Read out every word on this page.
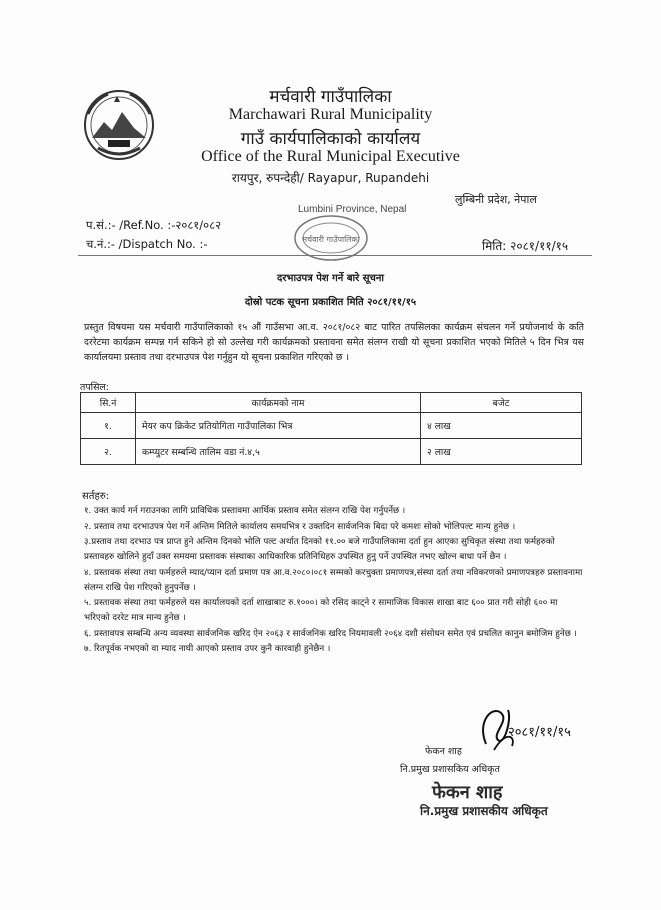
मर्चवारी गाउँपालिका
Marchawari Rural Municipality
गाउँ कार्यपालिकाको कार्यालय
Office of the Rural Municipal Executive
रायपुर, रुपन्देही/ Rayapur, Rupandehi
लुम्बिनी प्रदेश, नेपाल
Lumbini Province, Nepal
मर्चवारी गाउँपालिका
प.सं.:- /Ref.No. :-२०८१/०८२
च.नं.:- /Dispatch No. :-	मिति: २०८१/११/१५
दरभाउपत्र पेश गर्ने बारे सूचना
दोस्रो पटक सूचना प्रकाशित मिति २०८१/११/१५
प्रस्तुत विषयमा यस मर्चवारी गाउँपालिकाको १५ औं गाउँसभा आ.व. २०८१/०८२ बाट पारित तपसिलका कार्यक्रम संचलन गर्ने प्रयोजनार्थ के कति दररेटमा कार्यक्रम सम्पन्न गर्न सकिने हो सो उल्लेख गरी कार्यक्रमको प्रस्तावना समेत संलग्न राखी यो सूचना प्रकाशित भएको मितिले ५ दिन भित्र यस कार्यालयमा प्रस्ताव तथा दरभाउपत्र पेश गर्नुहुन यो सूचना प्रकाशित गरिएको छ ।
तपसिल:
सि.नं	कार्यक्रमको नाम	बजेट
१.	मेयर कप क्रिकेट प्रतियोगिता गाउँपालिका भित्र	४ लाख
२.	कम्प्युटर सम्बन्धि तालिम वडा नं.४,५	२ लाख
सर्तहरु:

१. उक्त कार्य गर्न गराउनका लागि प्राविधिक प्रस्तावमा आर्थिक प्रस्ताव समेत संलग्न राखि पेश गर्नुपर्नेछ ।

२. प्रस्ताव तथा दरभाउपत्र पेश गर्ने अन्तिम मितिले कार्यालय समयभित्र र उक्तदिन सार्वजनिक बिदा परे कमशः सोको भोलिपल्ट मान्य हुनेछ ।

३.प्रस्ताव तथा दरभाउ पत्र प्राप्त हुने अन्तिम दिनको भोलि पल्ट अर्थात दिनको ११.०० बजे गाउँपालिकामा दर्ता हुन आएका सुचिकृत संस्था तथा फर्महरुको प्रस्तावहरु खोलिने हुदाँ उक्त समयमा प्रस्तावक संस्थाका आधिकारिक प्रतिनिधिहरु उपस्थित हुनु पर्ने उपस्थित नभए खोल्न बाधा पर्ने छैन ।

४. प्रस्तावक संस्था तथा फर्महरुले म्याद/प्यान दर्ता प्रमाण पत्र आ.व.२०८०।०८१ सम्मको करचुक्ता प्रमाणपत्र,संस्था दर्ता तथा नविकरणको प्रमाणपत्रहरु प्रस्तावनामा संलग्न राखि पेश गरिएको हुनुपर्नेछ ।

५. प्रस्तावक संस्था तथा फर्महरुले यस कार्यालयको दर्ता शाखाबाट रु.१०००। को रसिद काट्ने र सामाजिक विकास शाखा बाट ६०० प्रात गरी सोही ६०० मा भरिएको दररेट मात्र मान्य हुनेछ ।

६. प्रस्तावपत्र सम्बन्धि अन्य व्यवस्था सार्वजनिक खरिद ऐन २०६३ र सार्वजनिक खरिद नियमावली २०६४ दशौ संसोधन समेत एवं प्रचलित कानुन बमोजिम हुनेछ ।

७. रितपूर्वक नभएको वा म्याद नाघी आएको प्रस्ताव उपर कुनै कारवाही हुनेछैन ।

२०८१/११/१५
फेकन शाह
नि.प्रमुख प्रशासकिय अधिकृत
फेकन शाह
नि.प्रमुख प्रशासकीय अधिकृत
